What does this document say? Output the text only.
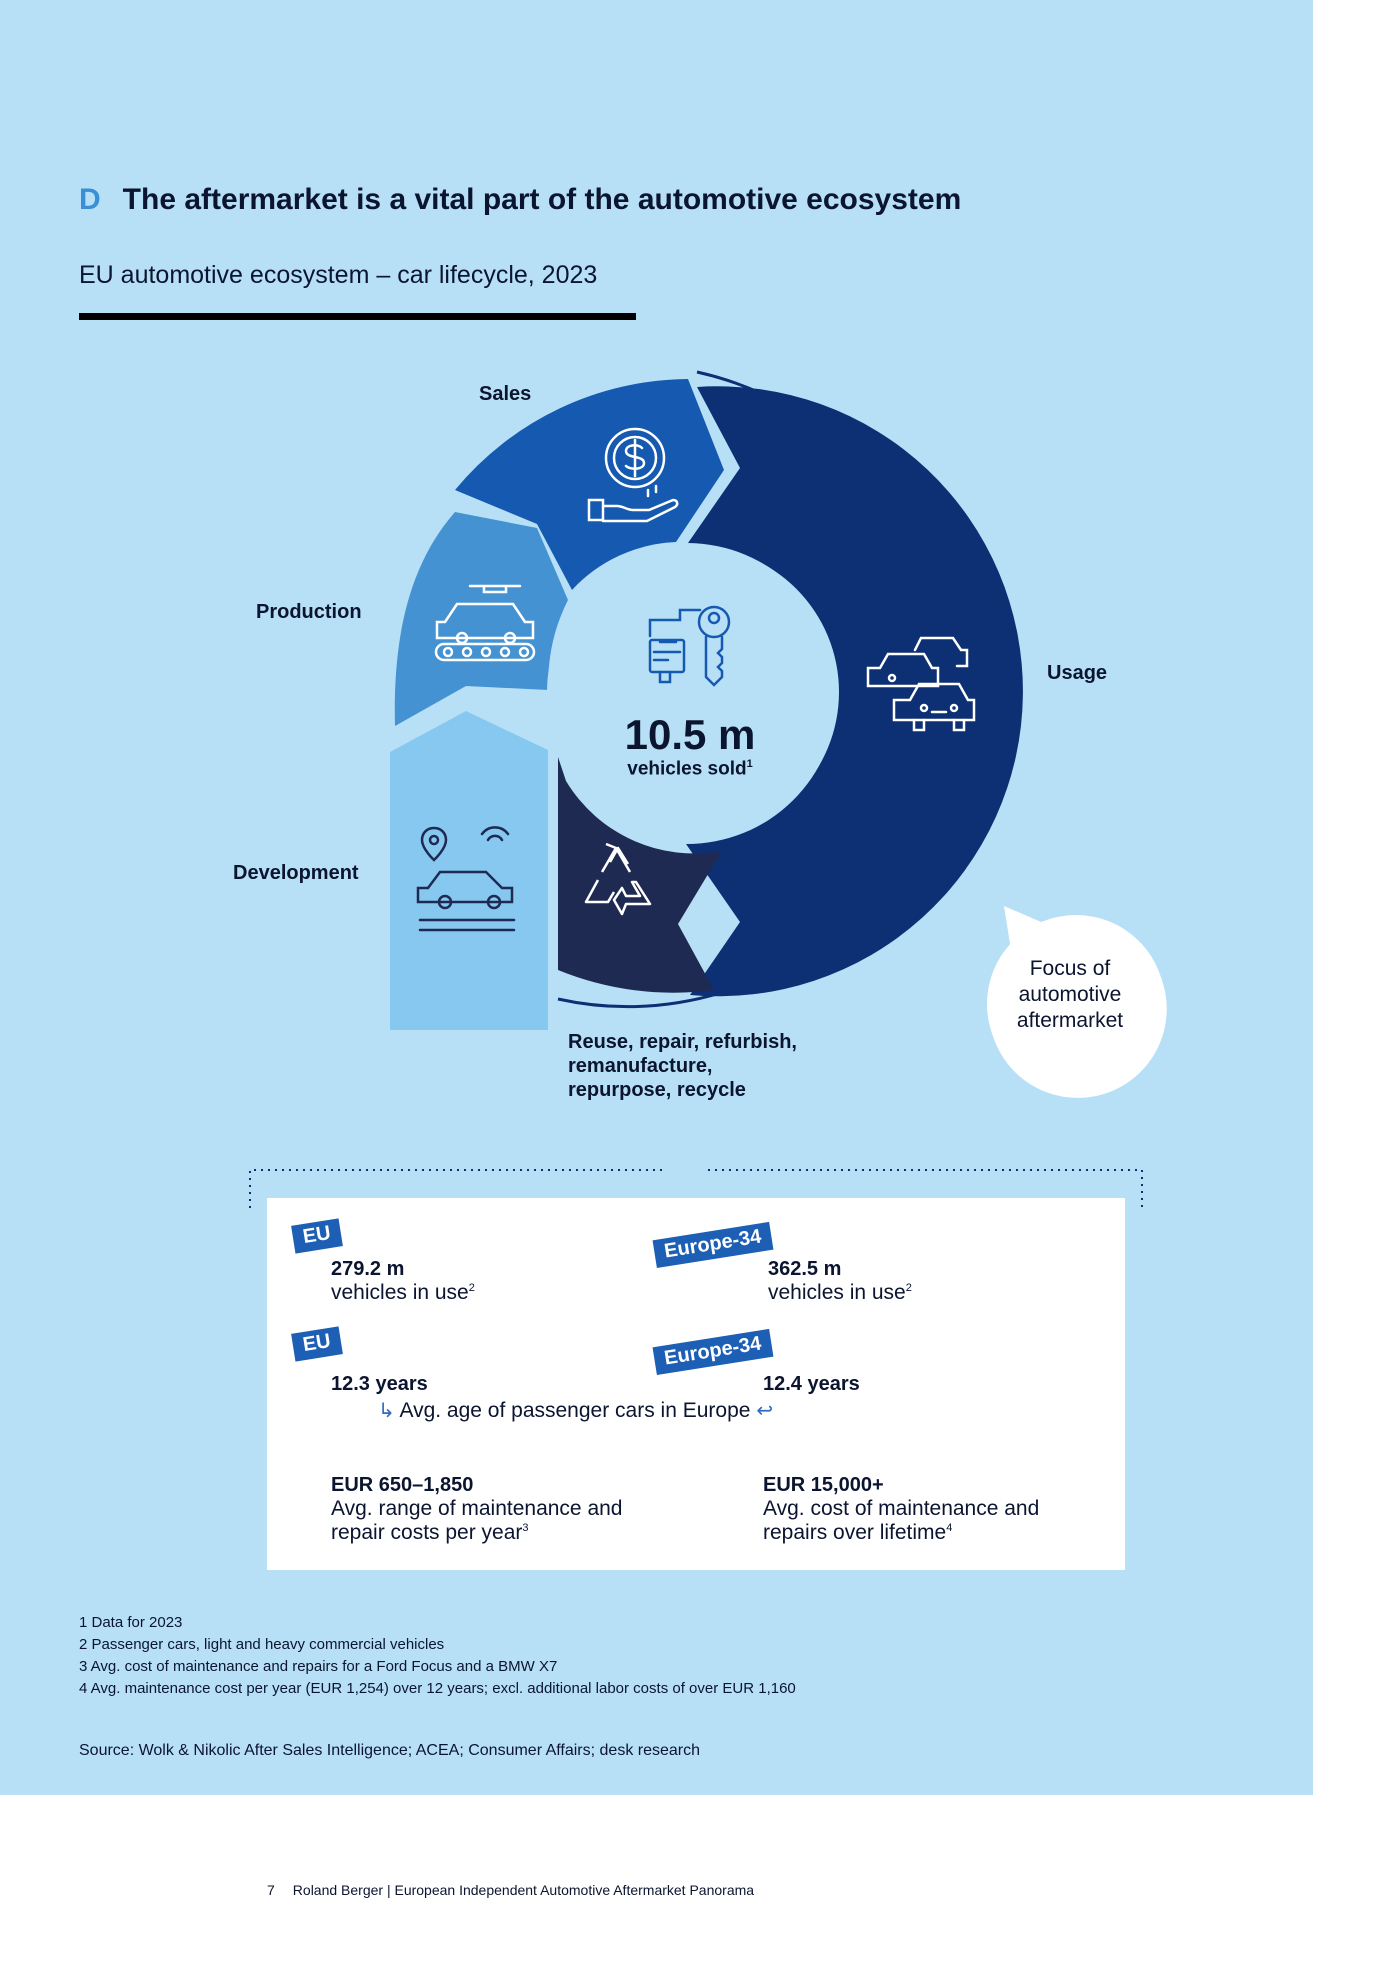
D The aftermarket is a vital part of the automotive ecosystem
EU automotive ecosystem – car lifecycle, 2023
Sales
Production
Development
Usage
Reuse, repair, refurbish,
remanufacture,
repurpose, recycle
10.5 m
vehicles sold$^1$
Focus of
automotive
aftermarket
EU
279.2 m
vehicles in use$^2$
Europe-34
362.5 m
vehicles in use$^2$
EU
12.3 years
Europe-34
12.4 years
↳ Avg. age of passenger cars in Europe ↩
EUR 650–1,850
Avg. range of maintenance and
repair costs per year$^3$
EUR 15,000+
Avg. cost of maintenance and
repairs over lifetime$^4$
1 Data for 2023
2 Passenger cars, light and heavy commercial vehicles
3 Avg. cost of maintenance and repairs for a Ford Focus and a BMW X7
4 Avg. maintenance cost per year (EUR 1,254) over 12 years; excl. additional labor costs of over EUR 1,160
Source: Wolk & Nikolic After Sales Intelligence; ACEA; Consumer Affairs; desk research
7 Roland Berger | European Independent Automotive Aftermarket Panorama
